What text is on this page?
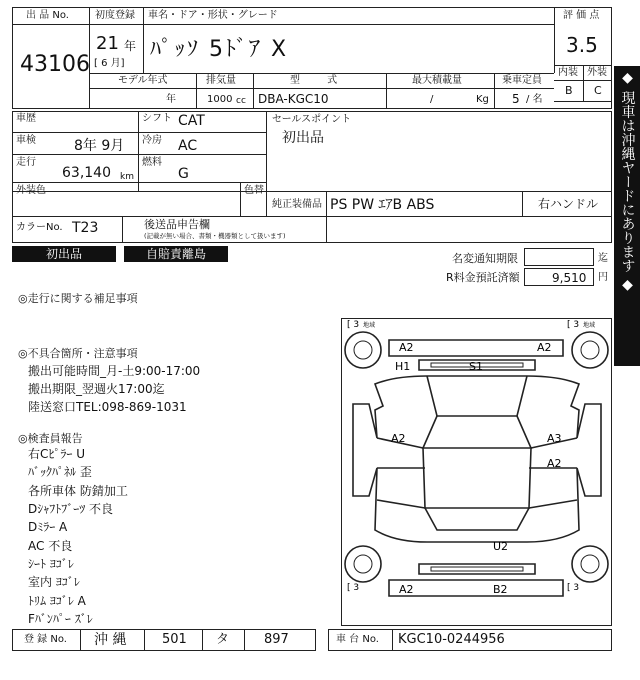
出 品 No.
43106
初度登録 車名・ドア・形状・グレード
21 年
[ 6 月]
ﾊﾟｯｿ 5ﾄﾞｱ X
評 価 点
3.5
内装 外装
B C
モデル年式	排気量	型 式	最大積載量	乗車定員
年	1000 cc DBA-KGC10	/	Kg 5 / 名
車歴
車検	8年 9月
走行
63,140 km
シフト CAT
冷房 AC
燃料
G
セールスポイント
初出品
外装色	色替
純正装備品 PS PW ｴｱB ABS	右ハンドル
カラーNo. T23	後送品申告欄
(記載が無い場合、書類・機器類として扱います)
初出品	自賠責離島	名変通知期限	迄
R料金預託済額	9,510 円
◎走行に関する補足事項
◎不具合箇所・注意事項
搬出可能時間_月-土9:00-17:00
搬出期限_翌週火17:00迄
陸送窓口TEL:098-869-1031
◎検査員報告
右Cﾋﾟﾗｰ U
ﾊﾞｯｸﾊﾟﾈﾙ 歪
各所車体 防錆加工
Dｼｬﾌﾄﾌﾞｰﾂ 不良
Dﾐﾗｰ A
AC 不良
ｼｰﾄ ﾖｺﾞﾚ
室内 ﾖｺﾞﾚ
ﾄﾘﾑ ﾖｺﾞﾚ A
Fﾊﾞﾝﾊﾟｰ ｽﾞﾚ
◆ 現車は沖縄ヤードにあります ◆
[ 3 地域	[ 3 地域
[ 3	[ 3
A2	A2
H1	S1
A2	A3
A2
U2
A2	B2
登 録 No. 沖 縄	501 タ	897	車 台 No. KGC10-0244956
